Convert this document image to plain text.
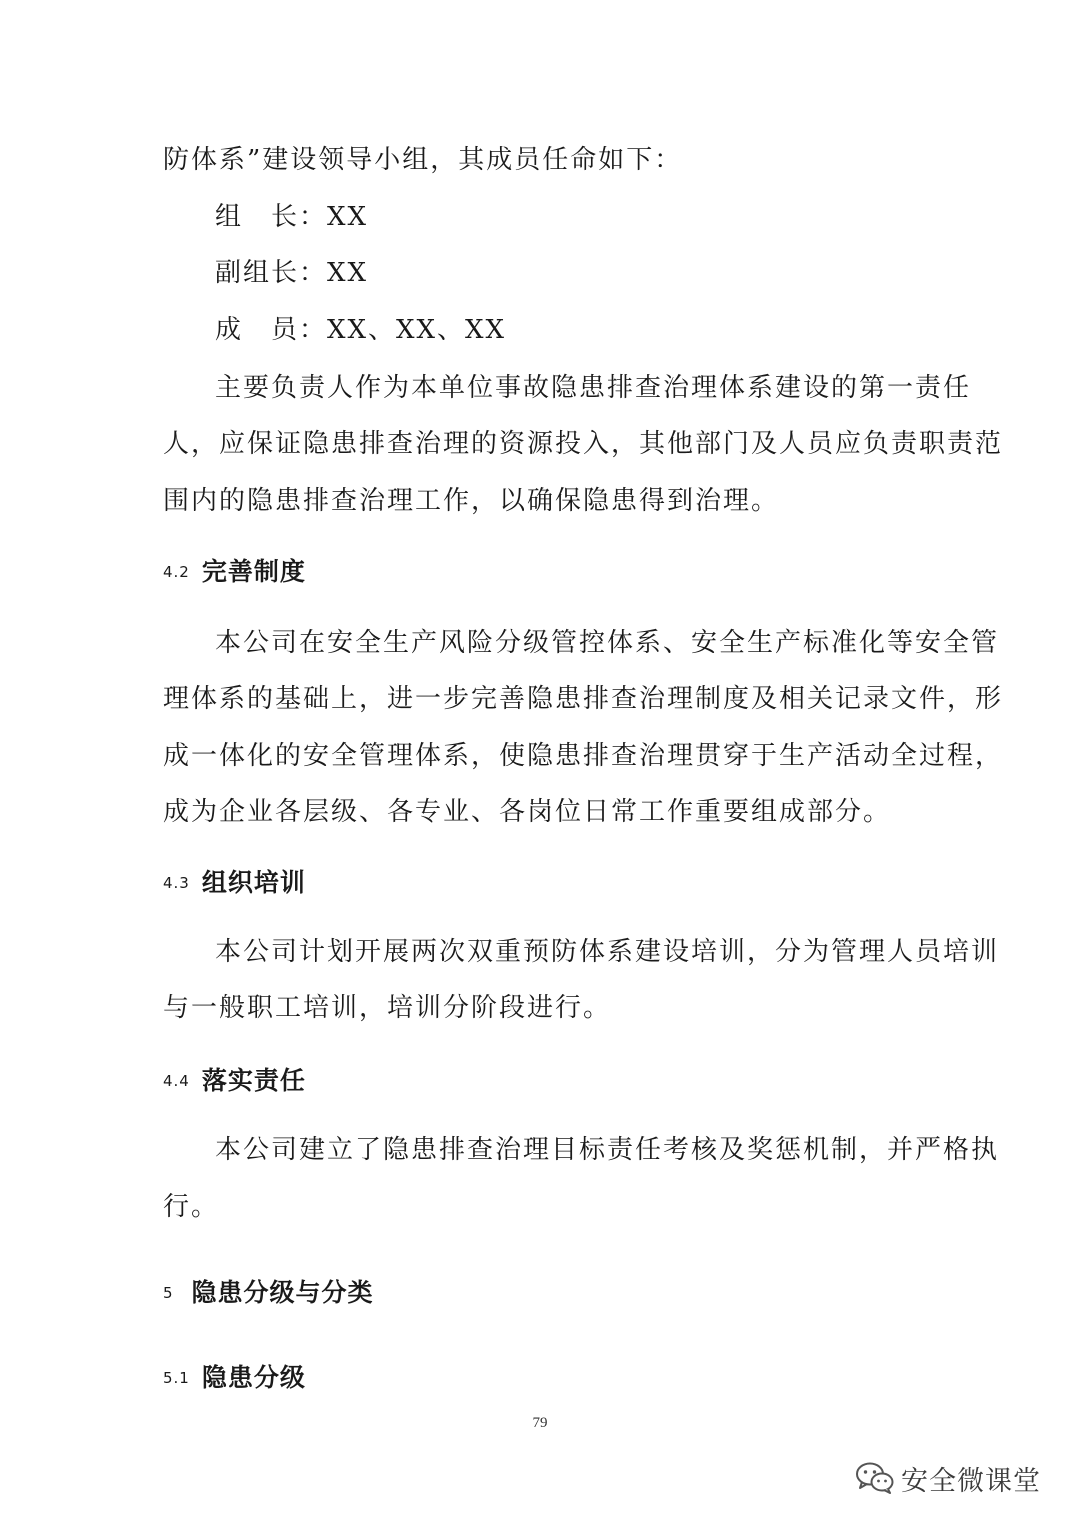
防体系”建设领导小组，其成员任命如下：
组　长：XX
副组长：XX
成　员：XX、XX、XX
主要负责人作为本单位事故隐患排查治理体系建设的第一责任
人，应保证隐患排查治理的资源投入，其他部门及人员应负责职责范
围内的隐患排查治理工作，以确保隐患得到治理。
4.2 完善制度
本公司在安全生产风险分级管控体系、安全生产标准化等安全管
理体系的基础上，进一步完善隐患排查治理制度及相关记录文件，形
成一体化的安全管理体系，使隐患排查治理贯穿于生产活动全过程，
成为企业各层级、各专业、各岗位日常工作重要组成部分。
4.3 组织培训
本公司计划开展两次双重预防体系建设培训，分为管理人员培训
与一般职工培训，培训分阶段进行。
4.4 落实责任
本公司建立了隐患排查治理目标责任考核及奖惩机制，并严格执
行。
5 隐患分级与分类
5.1 隐患分级
79
安全微课堂
